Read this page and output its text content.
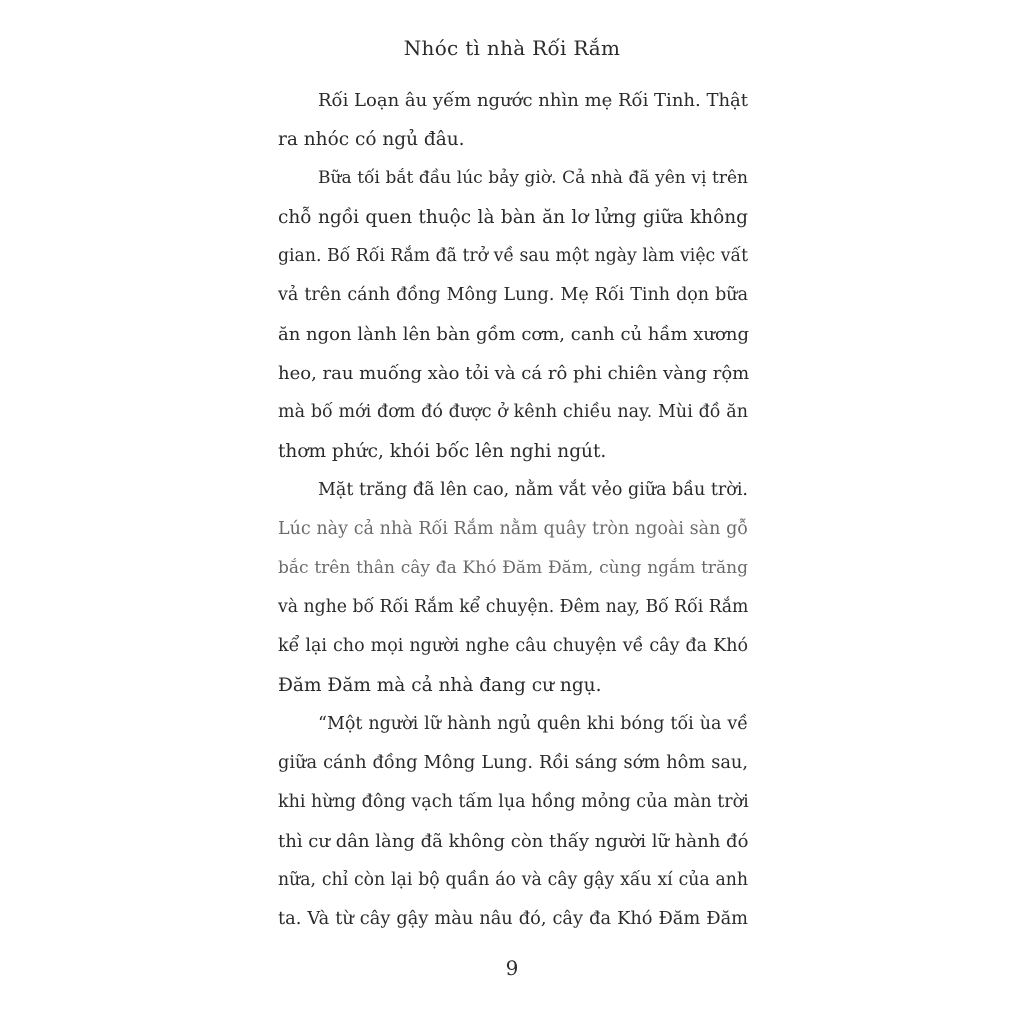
Nhóc tì nhà Rối Rắm
Rối Loạn âu yếm ngước nhìn mẹ Rối Tinh. Thật
ra nhóc có ngủ đâu.
Bữa tối bắt đầu lúc bảy giờ. Cả nhà đã yên vị trên
chỗ ngồi quen thuộc là bàn ăn lơ lửng giữa không
gian. Bố Rối Rắm đã trở về sau một ngày làm việc vất
vả trên cánh đồng Mông Lung. Mẹ Rối Tinh dọn bữa
ăn ngon lành lên bàn gồm cơm, canh củ hầm xương
heo, rau muống xào tỏi và cá rô phi chiên vàng rộm
mà bố mới đơm đó được ở kênh chiều nay. Mùi đồ ăn
thơm phức, khói bốc lên nghi ngút.
Mặt trăng đã lên cao, nằm vắt vẻo giữa bầu trời.
Lúc này cả nhà Rối Rắm nằm quây tròn ngoài sàn gỗ
bắc trên thân cây đa Khó Đăm Đăm, cùng ngắm trăng
và nghe bố Rối Rắm kể chuyện. Đêm nay, Bố Rối Rắm
kể lại cho mọi người nghe câu chuyện về cây đa Khó
Đăm Đăm mà cả nhà đang cư ngụ.
“Một người lữ hành ngủ quên khi bóng tối ùa về
giữa cánh đồng Mông Lung. Rồi sáng sớm hôm sau,
khi hừng đông vạch tấm lụa hồng mỏng của màn trời
thì cư dân làng đã không còn thấy người lữ hành đó
nữa, chỉ còn lại bộ quần áo và cây gậy xấu xí của anh
ta. Và từ cây gậy màu nâu đó, cây đa Khó Đăm Đăm
9
